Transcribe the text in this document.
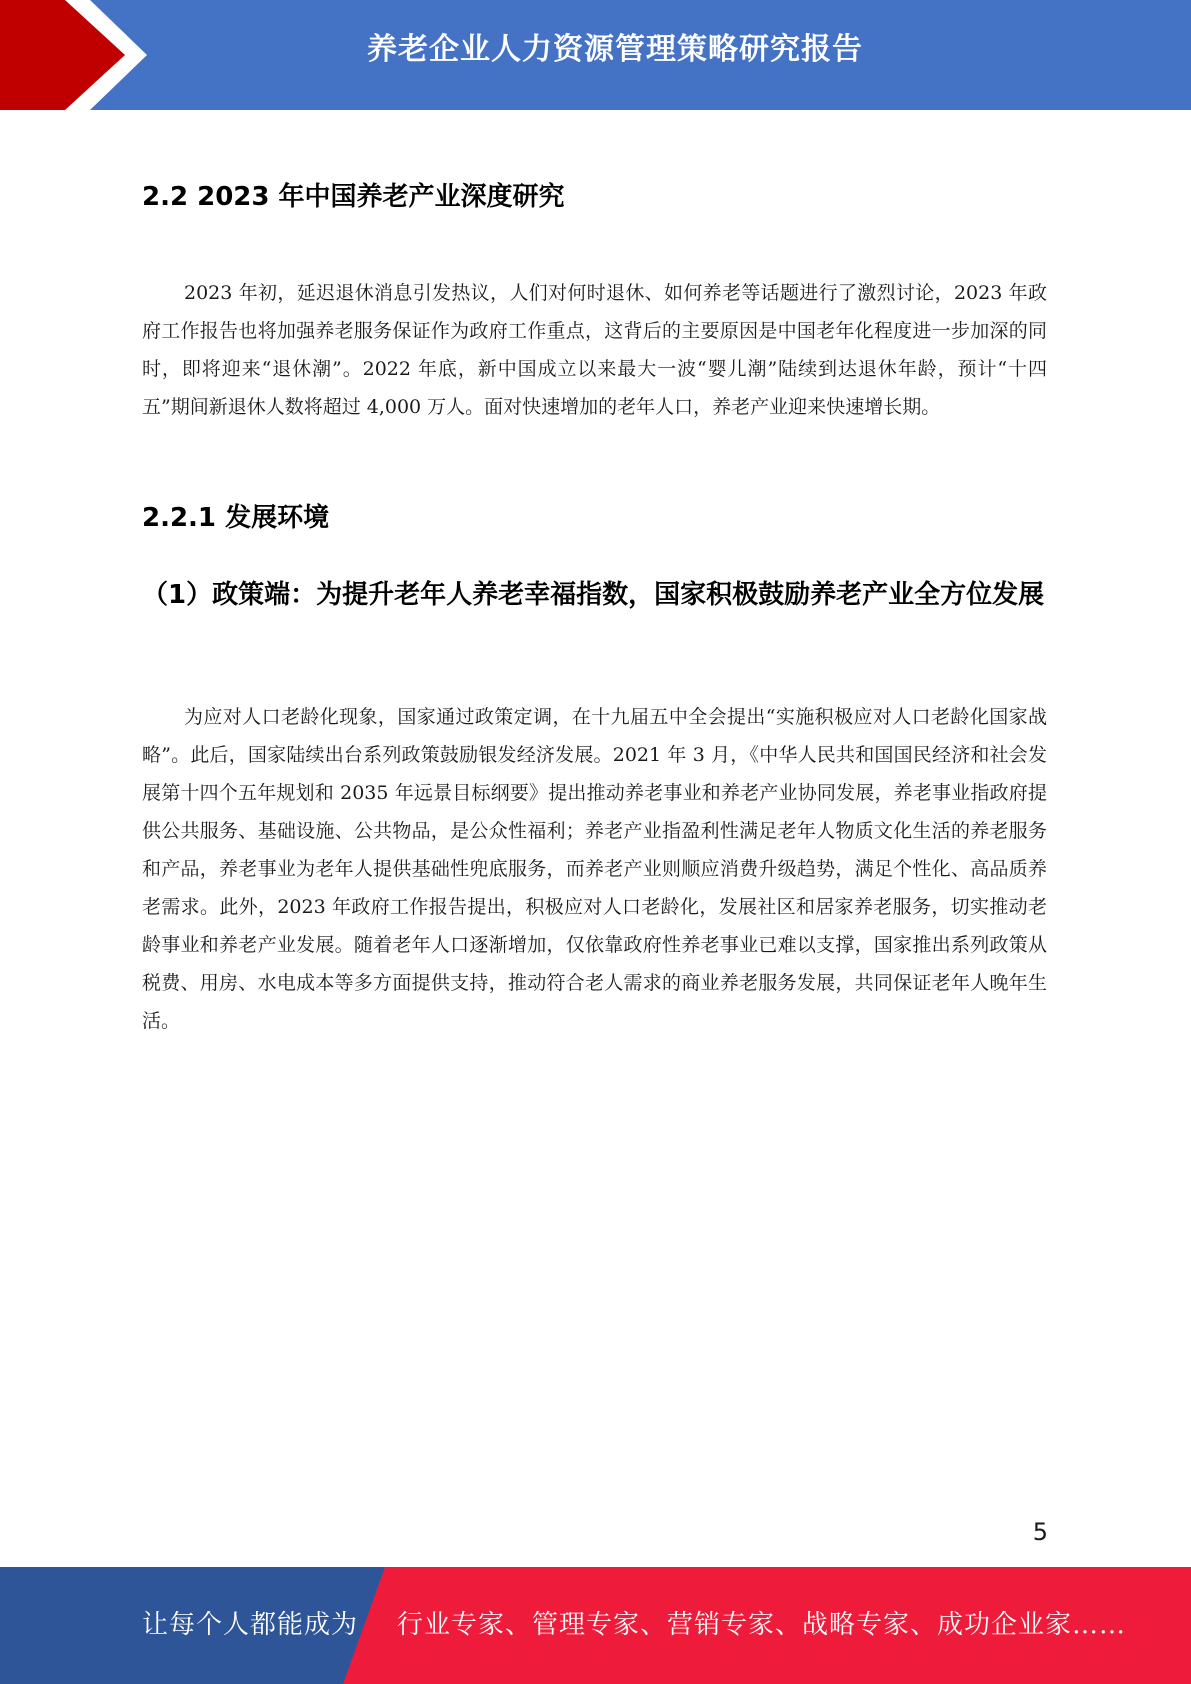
养老企业人力资源管理策略研究报告
2.2 2023 年中国养老产业深度研究

2023 年初，延迟退休消息引发热议，人们对何时退休、如何养老等话题进行了激烈讨论，2023 年政府工作报告也将加强养老服务保证作为政府工作重点，这背后的主要原因是中国老年化程度进一步加深的同时，即将迎来“退休潮”。2022 年底，新中国成立以来最大一波“婴儿潮”陆续到达退休年龄，预计“十四五”期间新退休人数将超过 4,000 万人。面对快速增加的老年人口，养老产业迎来快速增长期。

2.2.1 发展环境
（1）政策端：为提升老年人养老幸福指数，国家积极鼓励养老产业全方位发展

为应对人口老龄化现象，国家通过政策定调，在十九届五中全会提出“实施积极应对人口老龄化国家战略”。此后，国家陆续出台系列政策鼓励银发经济发展。2021 年 3 月，《中华人民共和国国民经济和社会发展第十四个五年规划和 2035 年远景目标纲要》提出推动养老事业和养老产业协同发展，养老事业指政府提供公共服务、基础设施、公共物品，是公众性福利；养老产业指盈利性满足老年人物质文化生活的养老服务和产品，养老事业为老年人提供基础性兜底服务，而养老产业则顺应消费升级趋势，满足个性化、高品质养老需求。此外，2023 年政府工作报告提出，积极应对人口老龄化，发展社区和居家养老服务，切实推动老龄事业和养老产业发展。随着老年人口逐渐增加，仅依靠政府性养老事业已难以支撑，国家推出系列政策从税费、用房、水电成本等多方面提供支持，推动符合老人需求的商业养老服务发展，共同保证老年人晚年生活。

5
让每个人都能成为 行业专家、管理专家、营销专家、战略专家、成功企业家……
